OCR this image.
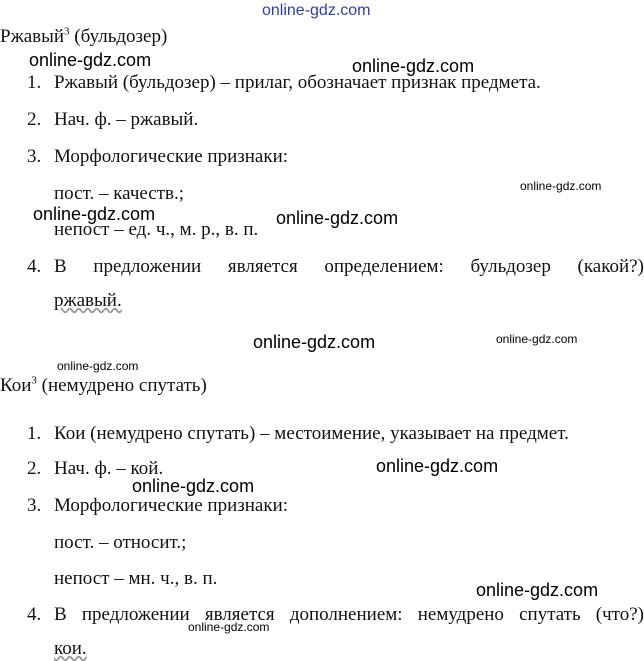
online-gdz.com
online-gdz.com	online-gdz.com
online-gdz.com
online-gdz.com	online-gdz.com
online-gdz.com	online-gdz.com
online-gdz.com
online-gdz.com
online-gdz.com
online-gdz.com
online-gdz.com
Ржавый$^3$ (бульдозер)
1. Ржавый (бульдозер) – прилаг, обозначает признак предмета.
2. Нач. ф. – ржавый.
3. Морфологические признаки:
пост. – качеств.;
непост – ед. ч., м. р., в. п.
4. В предложении является определением: бульдозер (какой?)
ржавый.
Кои$^3$ (немудрено спутать)
1. Кои (немудрено спутать) – местоимение, указывает на предмет.
2. Нач. ф. – кой.
3. Морфологические признаки:
пост. – относит.;
непост – мн. ч., в. п.
4. В предложении является дополнением: немудрено спутать (что?)
кои.
